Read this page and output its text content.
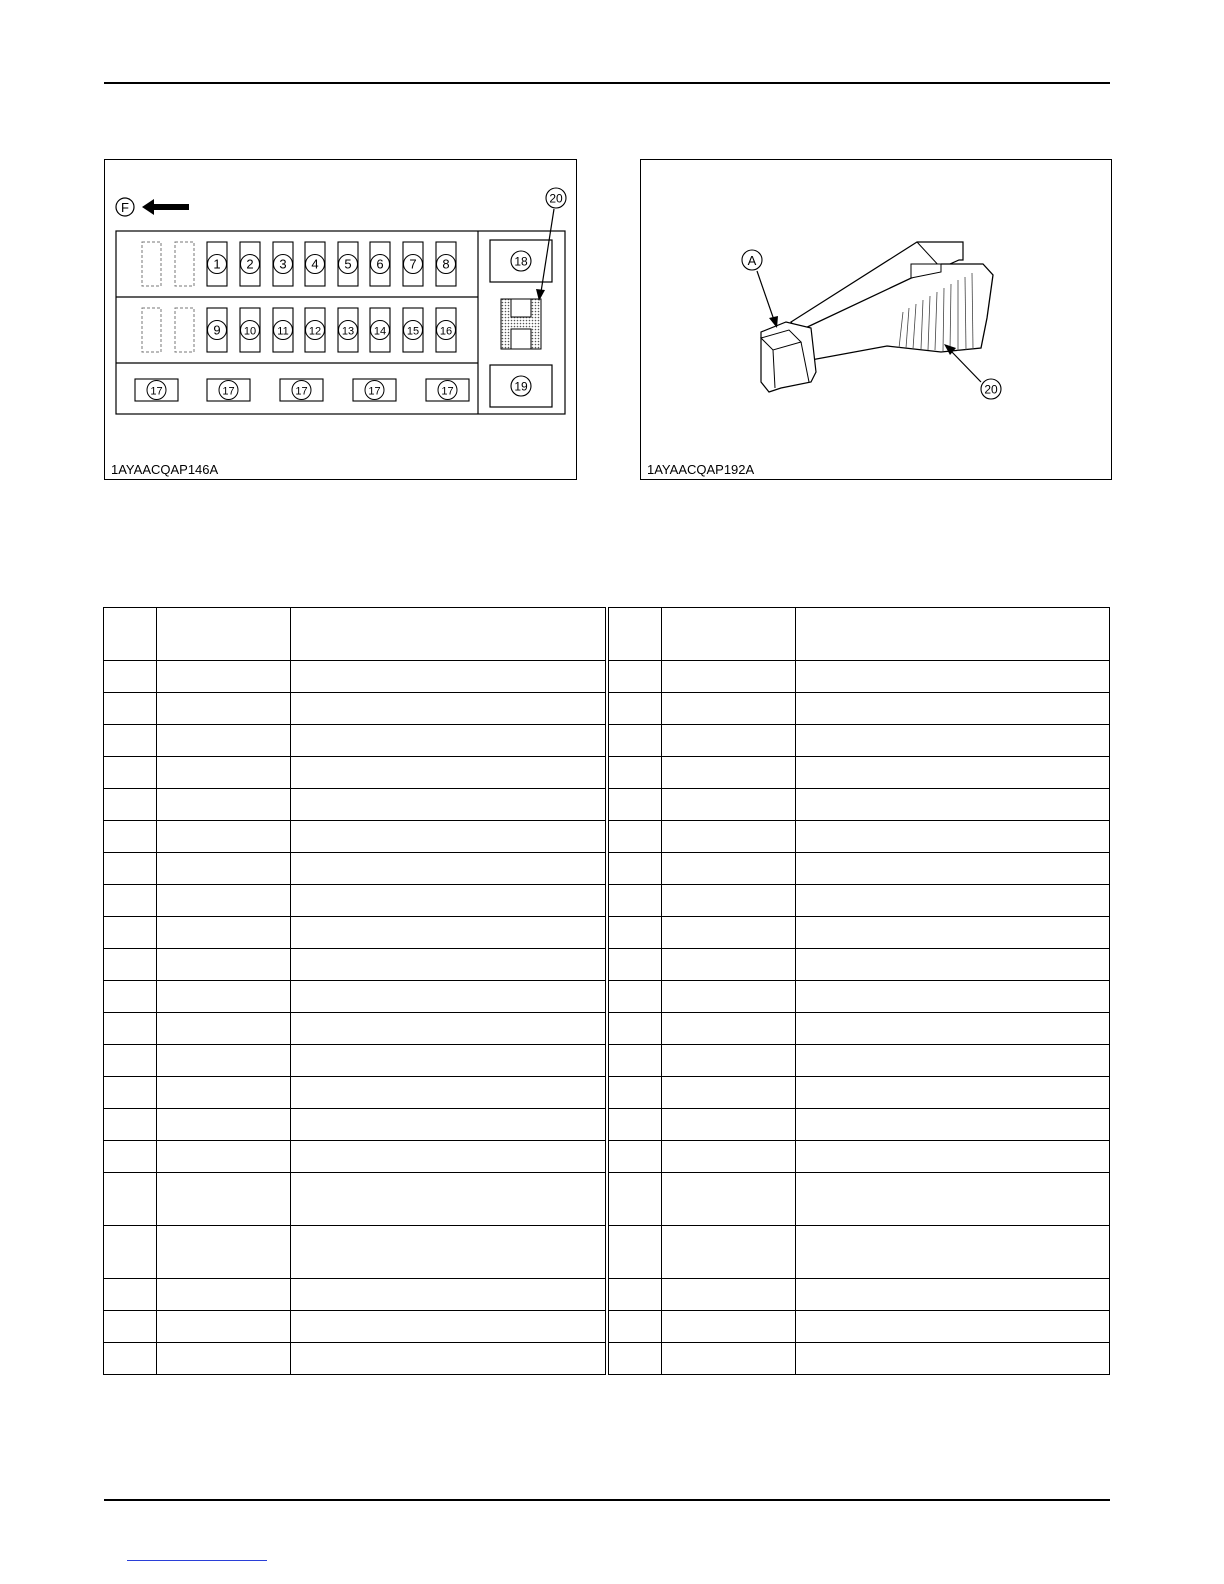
F
1 2 3 4 5 6 7 8
9 10 11 12 13 14 15 16
17	17	17	17	17
18
19
20
1AYAACQAP146A
A
20
1AYAACQAP192A
